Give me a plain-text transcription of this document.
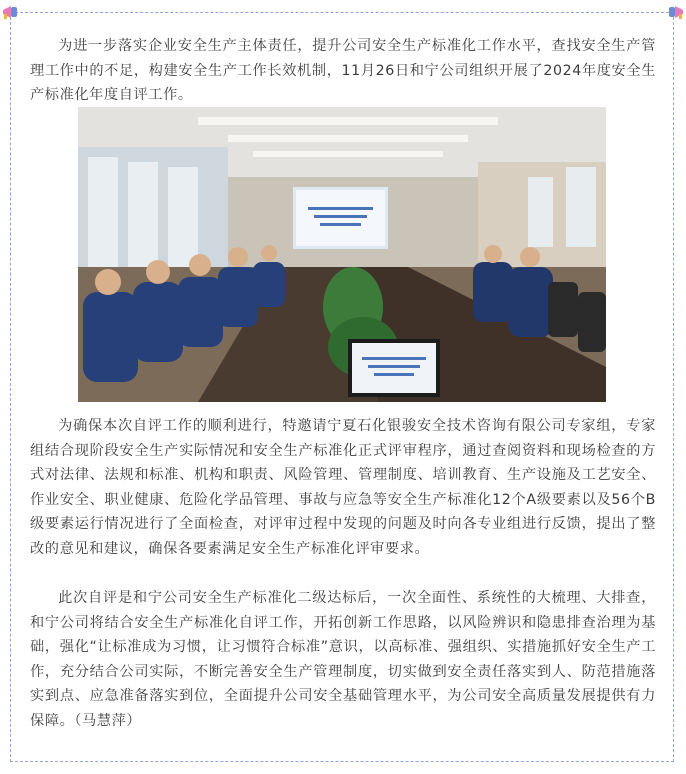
为进一步落实企业安全生产主体责任，提升公司安全生产标准化工作水平，查找安全生产管理工作中的不足，构建安全生产工作长效机制，11月26日和宁公司组织开展了2024年度安全生产标准化年度自评工作。

为确保本次自评工作的顺利进行，特邀请宁夏石化银骏安全技术咨询有限公司专家组，专家组结合现阶段安全生产实际情况和安全生产标准化正式评审程序，通过查阅资料和现场检查的方式对法律、法规和标准、机构和职责、风险管理、管理制度、培训教育、生产设施及工艺安全、作业安全、职业健康、危险化学品管理、事故与应急等安全生产标准化12个A级要素以及56个B级要素运行情况进行了全面检查，对评审过程中发现的问题及时向各专业组进行反馈，提出了整改的意见和建议，确保各要素满足安全生产标准化评审要求。

此次自评是和宁公司安全生产标准化二级达标后，一次全面性、系统性的大梳理、大排查，和宁公司将结合安全生产标准化自评工作，开拓创新工作思路，以风险辨识和隐患排查治理为基础，强化“让标准成为习惯，让习惯符合标准”意识，以高标准、强组织、实措施抓好安全生产工作，充分结合公司实际，不断完善安全生产管理制度，切实做到安全责任落实到人、防范措施落实到点、应急准备落实到位，全面提升公司安全基础管理水平，为公司安全高质量发展提供有力保障。（马慧萍）
